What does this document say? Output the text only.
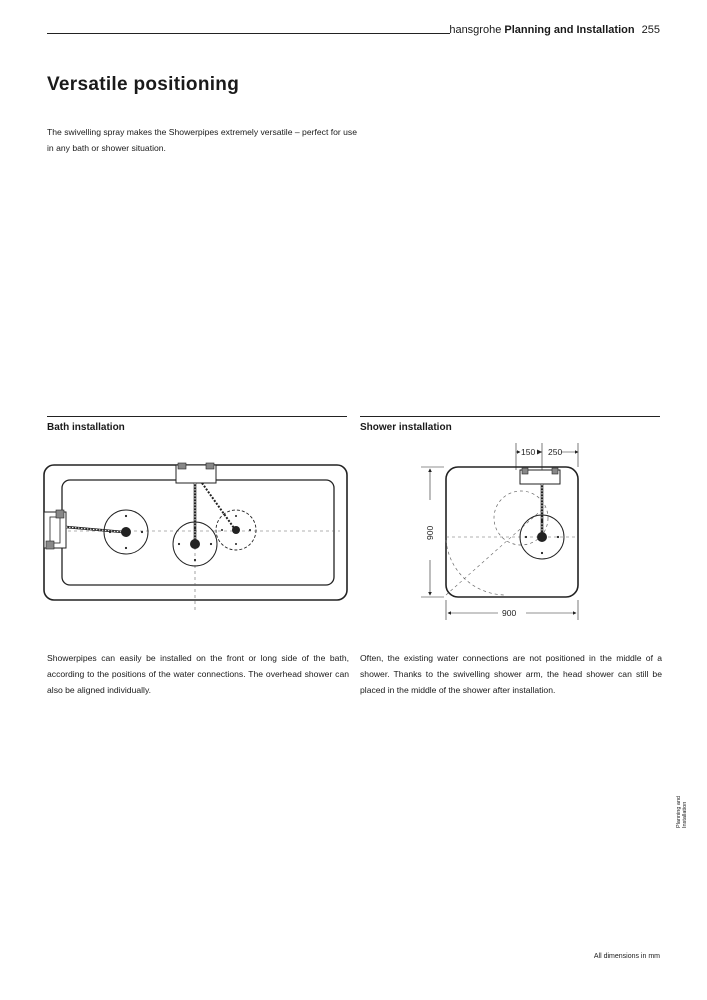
hansgrohe Planning and Installation 255
Versatile positioning
The swivelling spray makes the Showerpipes extremely versatile – perfect for use in any bath or shower situation.
Bath installation	Shower installation
150 250
900
900
Showerpipes can easily be installed on the front or long side of the bath, according to the positions of the water connections. The overhead shower can also be aligned individually.
Often, the existing water connections are not positioned in the middle of a shower. Thanks to the swivelling shower arm, the head shower can still be placed in the middle of the shower after installation.
Planning and Installation
All dimensions in mm
